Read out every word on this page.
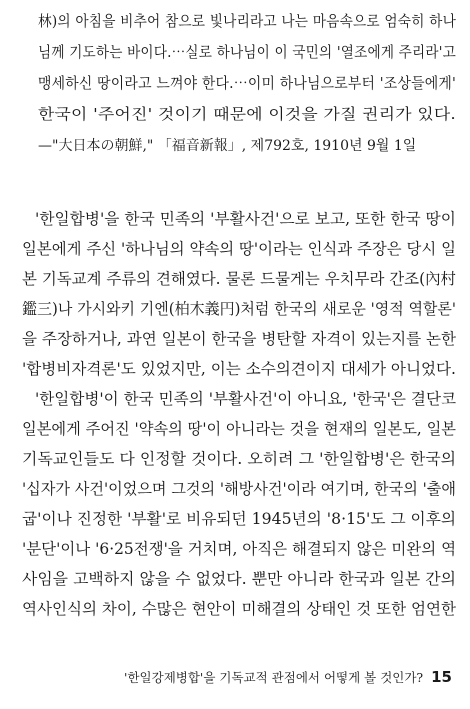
林)의 아침을 비추어 참으로 빛나리라고 나는 마음속으로 엄숙히 하나
님께 기도하는 바이다.⋯실로 하나님이 이 국민의 '열조에게 주리라'고
맹세하신 땅이라고 느껴야 한다.⋯이미 하나님으로부터 '조상들에게'
한국이 '주어진' 것이기 때문에 이것을 가질 권리가 있다.
—"大日本の朝鮮," 「福音新報」, 제792호, 1910년 9월 1일
'한일합병'을 한국 민족의 '부활사건'으로 보고, 또한 한국 땅이
일본에게 주신 '하나님의 약속의 땅'이라는 인식과 주장은 당시 일
본 기독교계 주류의 견해였다. 물론 드물게는 우치무라 간조(內村
鑑三)나 가시와키 기엔(柏木義円)처럼 한국의 새로운 '영적 역할론'
을 주장하거나, 과연 일본이 한국을 병탄할 자격이 있는지를 논한
'합병비자격론'도 있었지만, 이는 소수의견이지 대세가 아니었다.
'한일합병'이 한국 민족의 '부활사건'이 아니요, '한국'은 결단코
일본에게 주어진 '약속의 땅'이 아니라는 것을 현재의 일본도, 일본
기독교인들도 다 인정할 것이다. 오히려 그 '한일합병'은 한국의
'십자가 사건'이었으며 그것의 '해방사건'이라 여기며, 한국의 '출애
굽'이나 진정한 '부활'로 비유되던 1945년의 '8·15'도 그 이후의
'분단'이나 '6·25전쟁'을 거치며, 아직은 해결되지 않은 미완의 역
사임을 고백하지 않을 수 없었다. 뿐만 아니라 한국과 일본 간의
역사인식의 차이, 수많은 현안이 미해결의 상태인 것 또한 엄연한
'한일강제병합'을 기독교적 관점에서 어떻게 볼 것인가? 15
